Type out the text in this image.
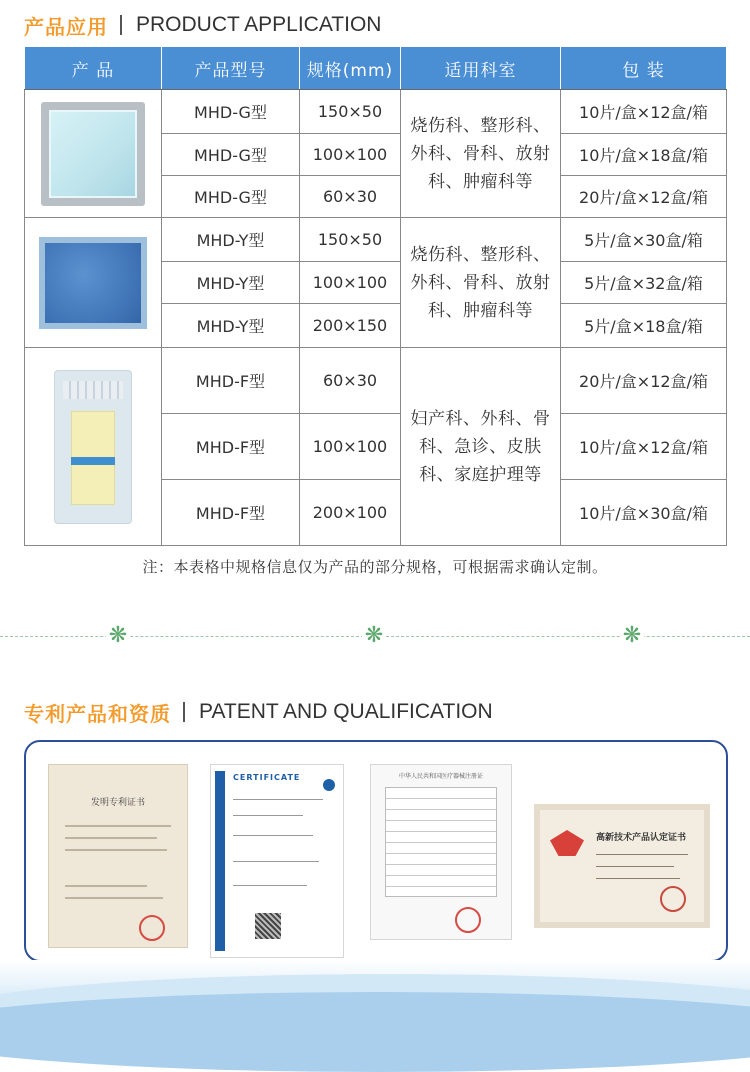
产品应用 PRODUCT APPLICATION
产 品	产品型号	规格(mm)	适用科室	包 装

	MHD-G型	150×50	烧伤科、整形科、外科、骨科、放射科、肿瘤科等	10片/盒×12盒/箱
	MHD-G型	100×100		10片/盒×18盒/箱
	MHD-G型	60×30		20片/盒×12盒/箱

	MHD-Y型	150×50	烧伤科、整形科、外科、骨科、放射科、肿瘤科等	5片/盒×30盒/箱
	MHD-Y型	100×100		5片/盒×32盒/箱
	MHD-Y型	200×150		5片/盒×18盒/箱

	MHD-F型	60×30	妇产科、外科、骨科、急诊、皮肤科、家庭护理等	20片/盒×12盒/箱
	MHD-F型	100×100		10片/盒×12盒/箱
	MHD-F型	200×100		10片/盒×30盒/箱
注：本表格中规格信息仅为产品的部分规格，可根据需求确认定制。
❋	❋	❋
专利产品和资质 PATENT AND QUALIFICATION
发明专利证书
CERTIFICATE	中华人民共和国医疗器械注册证
高新技术产品认定证书
